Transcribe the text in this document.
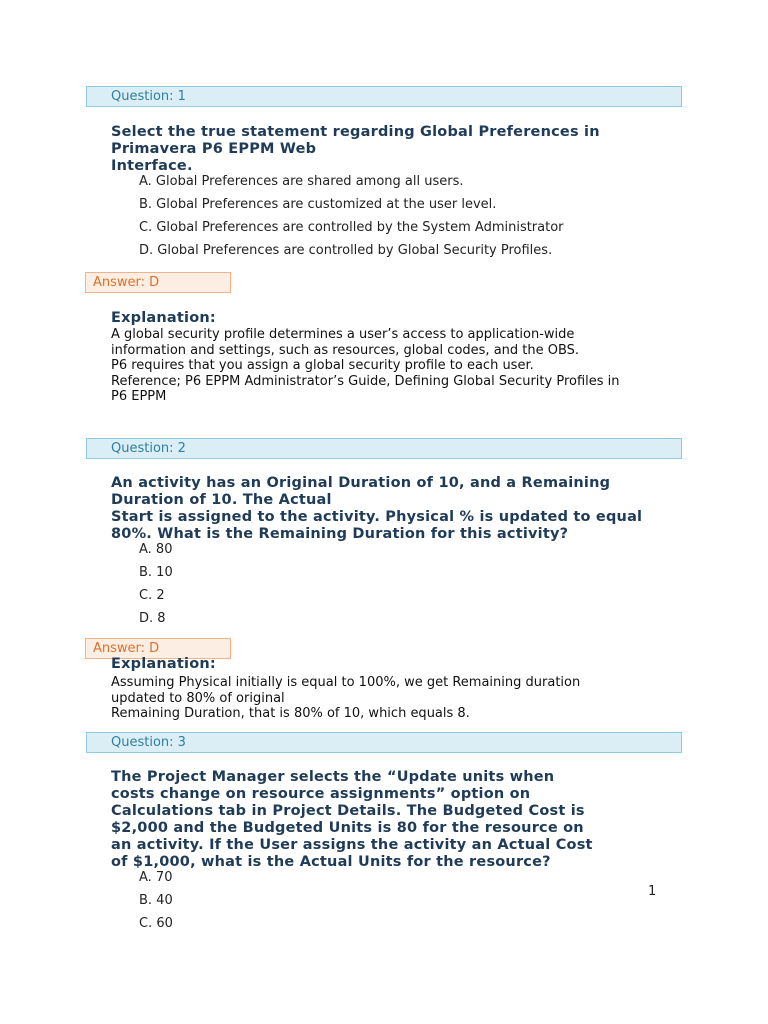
Question: 1

Select the true statement regarding Global Preferences in
Primavera P6 EPPM Web
Interface.

A. Global Preferences are shared among all users.
B. Global Preferences are customized at the user level.
C. Global Preferences are controlled by the System Administrator
D. Global Preferences are controlled by Global Security Profiles.
Answer: D
Explanation:
A global security profile determines a user’s access to application-wide
information and settings, such as resources, global codes, and the OBS.
P6 requires that you assign a global security profile to each user.
Reference; P6 EPPM Administrator’s Guide, Defining Global Security Profiles in
P6 EPPM
Question: 2

An activity has an Original Duration of 10, and a Remaining
Duration of 10. The Actual
Start is assigned to the activity. Physical % is updated to equal
80%. What is the Remaining Duration for this activity?

A. 80
B. 10
C. 2
D. 8
Answer: D
Explanation:
Assuming Physical initially is equal to 100%, we get Remaining duration
updated to 80% of original
Remaining Duration, that is 80% of 10, which equals 8.
Question: 3

The Project Manager selects the “Update units when
costs change on resource assignments” option on
Calculations tab in Project Details. The Budgeted Cost is
$2,000 and the Budgeted Units is 80 for the resource on
an activity. If the User assigns the activity an Actual Cost
of $1,000, what is the Actual Units for the resource?

A. 70
B. 40
C. 60
1
